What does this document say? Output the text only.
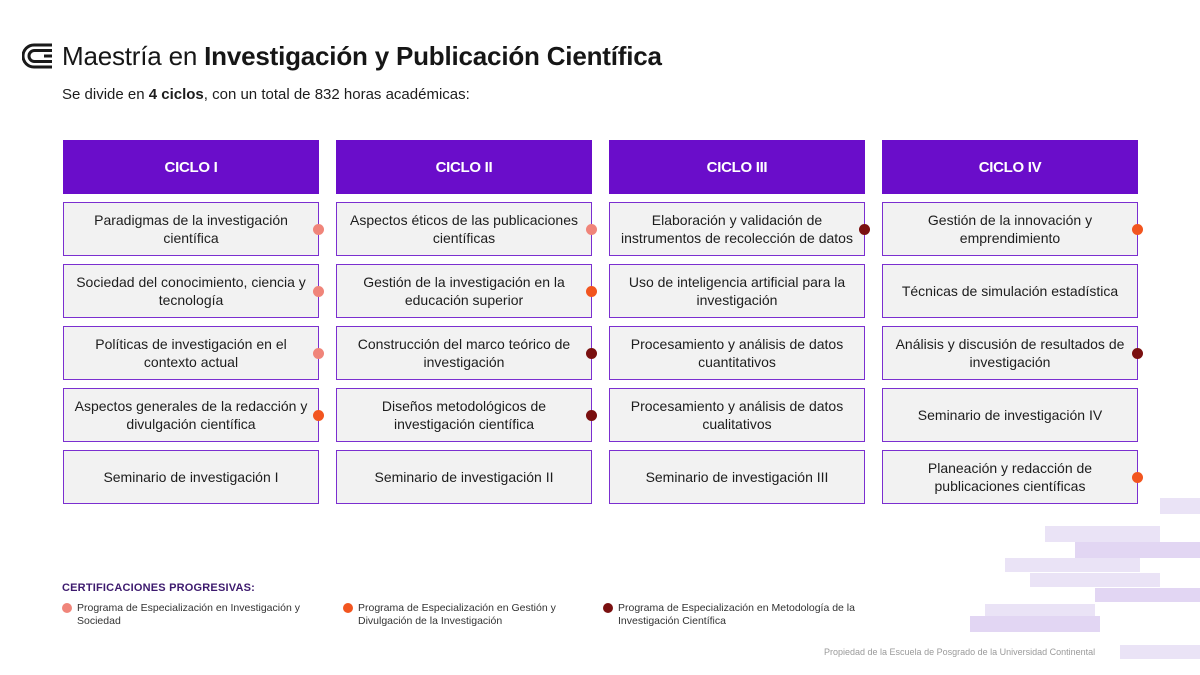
Maestría en Investigación y Publicación Científica
Se divide en 4 ciclos, con un total de 832 horas académicas:
CICLO I
Paradigmas de la investigación científica
Sociedad del conocimiento, ciencia y tecnología
Políticas de investigación en el contexto actual
Aspectos generales de la redacción y divulgación científica
Seminario de investigación I
CICLO II
Aspectos éticos de las publicaciones científicas
Gestión de la investigación en la educación superior
Construcción del marco teórico de investigación
Diseños metodológicos de investigación científica
Seminario de investigación II
CICLO III
Elaboración y validación de instrumentos de recolección de datos
Uso de inteligencia artificial para la investigación
Procesamiento y análisis de datos cuantitativos
Procesamiento y análisis de datos cualitativos
Seminario de investigación III
CICLO IV
Gestión de la innovación y emprendimiento
Técnicas de simulación estadística
Análisis y discusión de resultados de investigación
Seminario de investigación IV
Planeación y redacción de publicaciones científicas
CERTIFICACIONES PROGRESIVAS:
Programa de Especialización en Investigación y Sociedad
Programa de Especialización en Gestión y Divulgación de la Investigación
Programa de Especialización en Metodología de la Investigación Científica
Propiedad de la Escuela de Posgrado de la Universidad Continental
